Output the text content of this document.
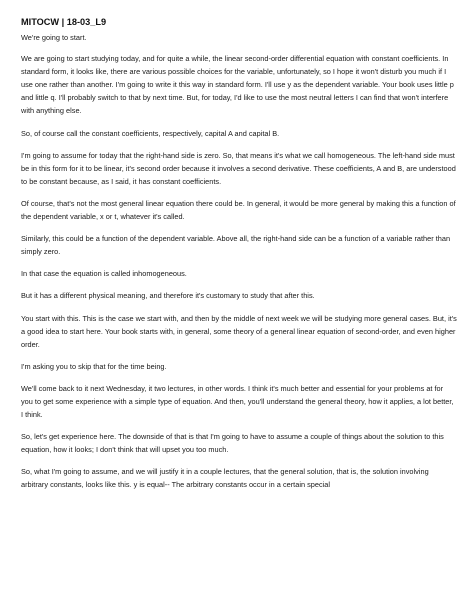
MITOCW | 18-03_L9

We're going to start.

We are going to start studying today, and for quite a while, the linear second-order differential equation with constant coefficients. In standard form, it looks like, there are various possible choices for the variable, unfortunately, so I hope it won't disturb you much if I use one rather than another. I'm going to write it this way in standard form. I'll use y as the dependent variable. Your book uses little p and little q. I'll probably switch to that by next time. But, for today, I'd like to use the most neutral letters I can find that won't interfere with anything else.

So, of course call the constant coefficients, respectively, capital A and capital B.

I'm going to assume for today that the right-hand side is zero. So, that means it's what we call homogeneous. The left-hand side must be in this form for it to be linear, it's second order because it involves a second derivative. These coefficients, A and B, are understood to be constant because, as I said, it has constant coefficients.

Of course, that's not the most general linear equation there could be. In general, it would be more general by making this a function of the dependent variable, x or t, whatever it's called.

Similarly, this could be a function of the dependent variable. Above all, the right-hand side can be a function of a variable rather than simply zero.

In that case the equation is called inhomogeneous.

But it has a different physical meaning, and therefore it's customary to study that after this.

You start with this. This is the case we start with, and then by the middle of next week we will be studying more general cases. But, it's a good idea to start here. Your book starts with, in general, some theory of a general linear equation of second-order, and even higher order.

I'm asking you to skip that for the time being.

We'll come back to it next Wednesday, it two lectures, in other words. I think it's much better and essential for your problems at for you to get some experience with a simple type of equation. And then, you'll understand the general theory, how it applies, a lot better, I think.

So, let's get experience here. The downside of that is that I'm going to have to assume a couple of things about the solution to this equation, how it looks; I don't think that will upset you too much.

So, what I'm going to assume, and we will justify it in a couple lectures, that the general solution, that is, the solution involving arbitrary constants, looks like this. y is equal-- The arbitrary constants occur in a certain special
